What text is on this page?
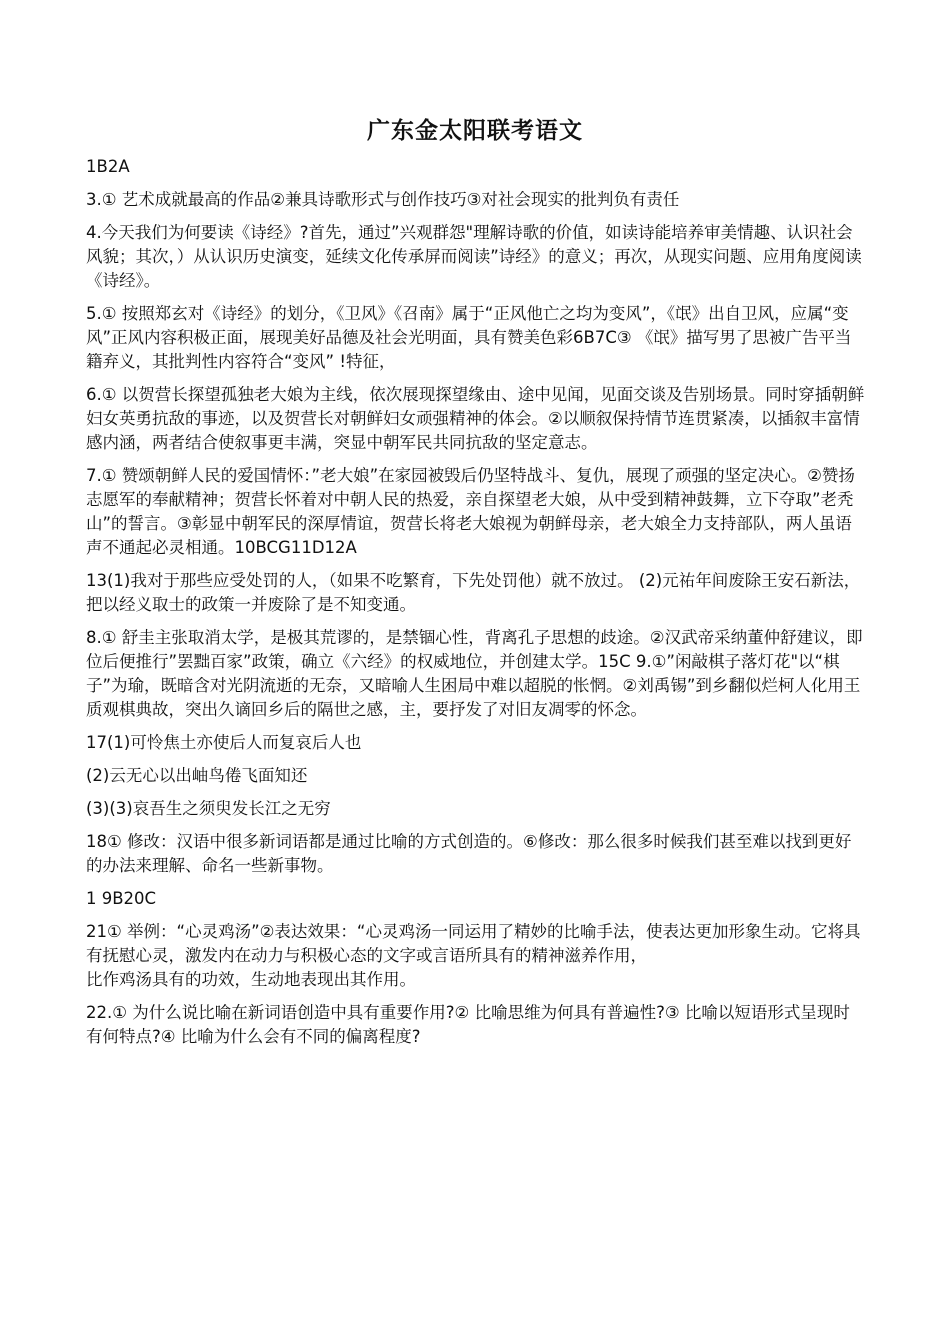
广东金太阳联考语文

1B2A

3.① 艺术成就最高的作品②兼具诗歌形式与创作技巧③对社会现实的批判负有责任

4.今天我们为何要读《诗经》?首先，通过”兴观群怨"理解诗歌的价值，如读诗能培养审美情趣、认识社会风貌；其次，）从认识历史演变，延续文化传承屏而阅读”诗经》的意义；再次，从现实问题、应用角度阅读《诗经》。

5.① 按照郑玄对《诗经》的划分，《卫风》《召南》属于“正风他亡之均为变风”，《氓》出自卫风，应属“变风”正风内容积极正面，展现美好品德及社会光明面，具有赞美色彩6B7C③ 《氓》描写男了思被广告平当籍弃义，其批判性内容符合“变风” !特征，

6.① 以贺营长探望孤独老大娘为主线，依次展现探望缘由、途中见闻，见面交谈及告别场景。同时穿插朝鲜妇女英勇抗敌的事迹，以及贺营长对朝鲜妇女顽强精神的体会。②以顺叙保持情节连贯紧凑，以插叙丰富情感内涵，两者结合使叙事更丰满，突显中朝军民共同抗敌的坚定意志。

7.① 赞颂朝鲜人民的爱国情怀：”老大娘”在家园被毁后仍坚特战斗、复仇，展现了顽强的坚定决心。②赞扬志愿军的奉献精神；贺营长怀着对中朝人民的热爱，亲自探望老大娘，从中受到精神鼓舞，立下夺取”老秃山”的誓言。③彰显中朝军民的深厚情谊，贺营长将老大娘视为朝鲜母亲，老大娘全力支持部队，两人虽语声不通起必灵相通。10BCG11D12A

13(1)我对于那些应受处罚的人，（如果不吃繁育，下先处罚他）就不放过。 (2)元祐年间废除王安石新法，把以经义取士的政策一并废除了是不知变通。

8.① 舒圭主张取消太学，是极其荒谬的，是禁锢心性，背离孔子思想的歧途。②汉武帝采纳董仲舒建议，即位后便推行”罢黜百家”政策，确立《六经》的权威地位，并创建太学。15C 9.①”闲敲棋子落灯花"以“棋子”为瑜，既暗含对光阴流逝的无奈，又暗喻人生困局中难以超脱的怅惘。②刘禹锡”到乡翻似烂柯人化用王质观棋典故，突出久谪回乡后的隔世之感，主，要抒发了对旧友凋零的怀念。

17(1)可怜焦土亦使后人而复哀后人也

(2)云无心以出岫鸟倦飞面知还

(3)(3)哀吾生之须臾发长江之无穷

18① 修改：汉语中很多新词语都是通过比喻的方式创造的。⑥修改：那么很多时候我们甚至难以找到更好的办法来理解、命名一些新事物。

1 9B20C

21① 举例：“心灵鸡汤”②表达效果：“心灵鸡汤一同运用了精妙的比喻手法，使表达更加形象生动。它将具有抚慰心灵，激发内在动力与积极心态的文字或言语所具有的精神滋养作用，

比作鸡汤具有的功效，生动地表现出其作用。

22.① 为什么说比喻在新词语创造中具有重要作用?② 比喻思维为何具有普遍性?③ 比喻以短语形式呈现时有何特点?④ 比喻为什么会有不同的偏离程度?
